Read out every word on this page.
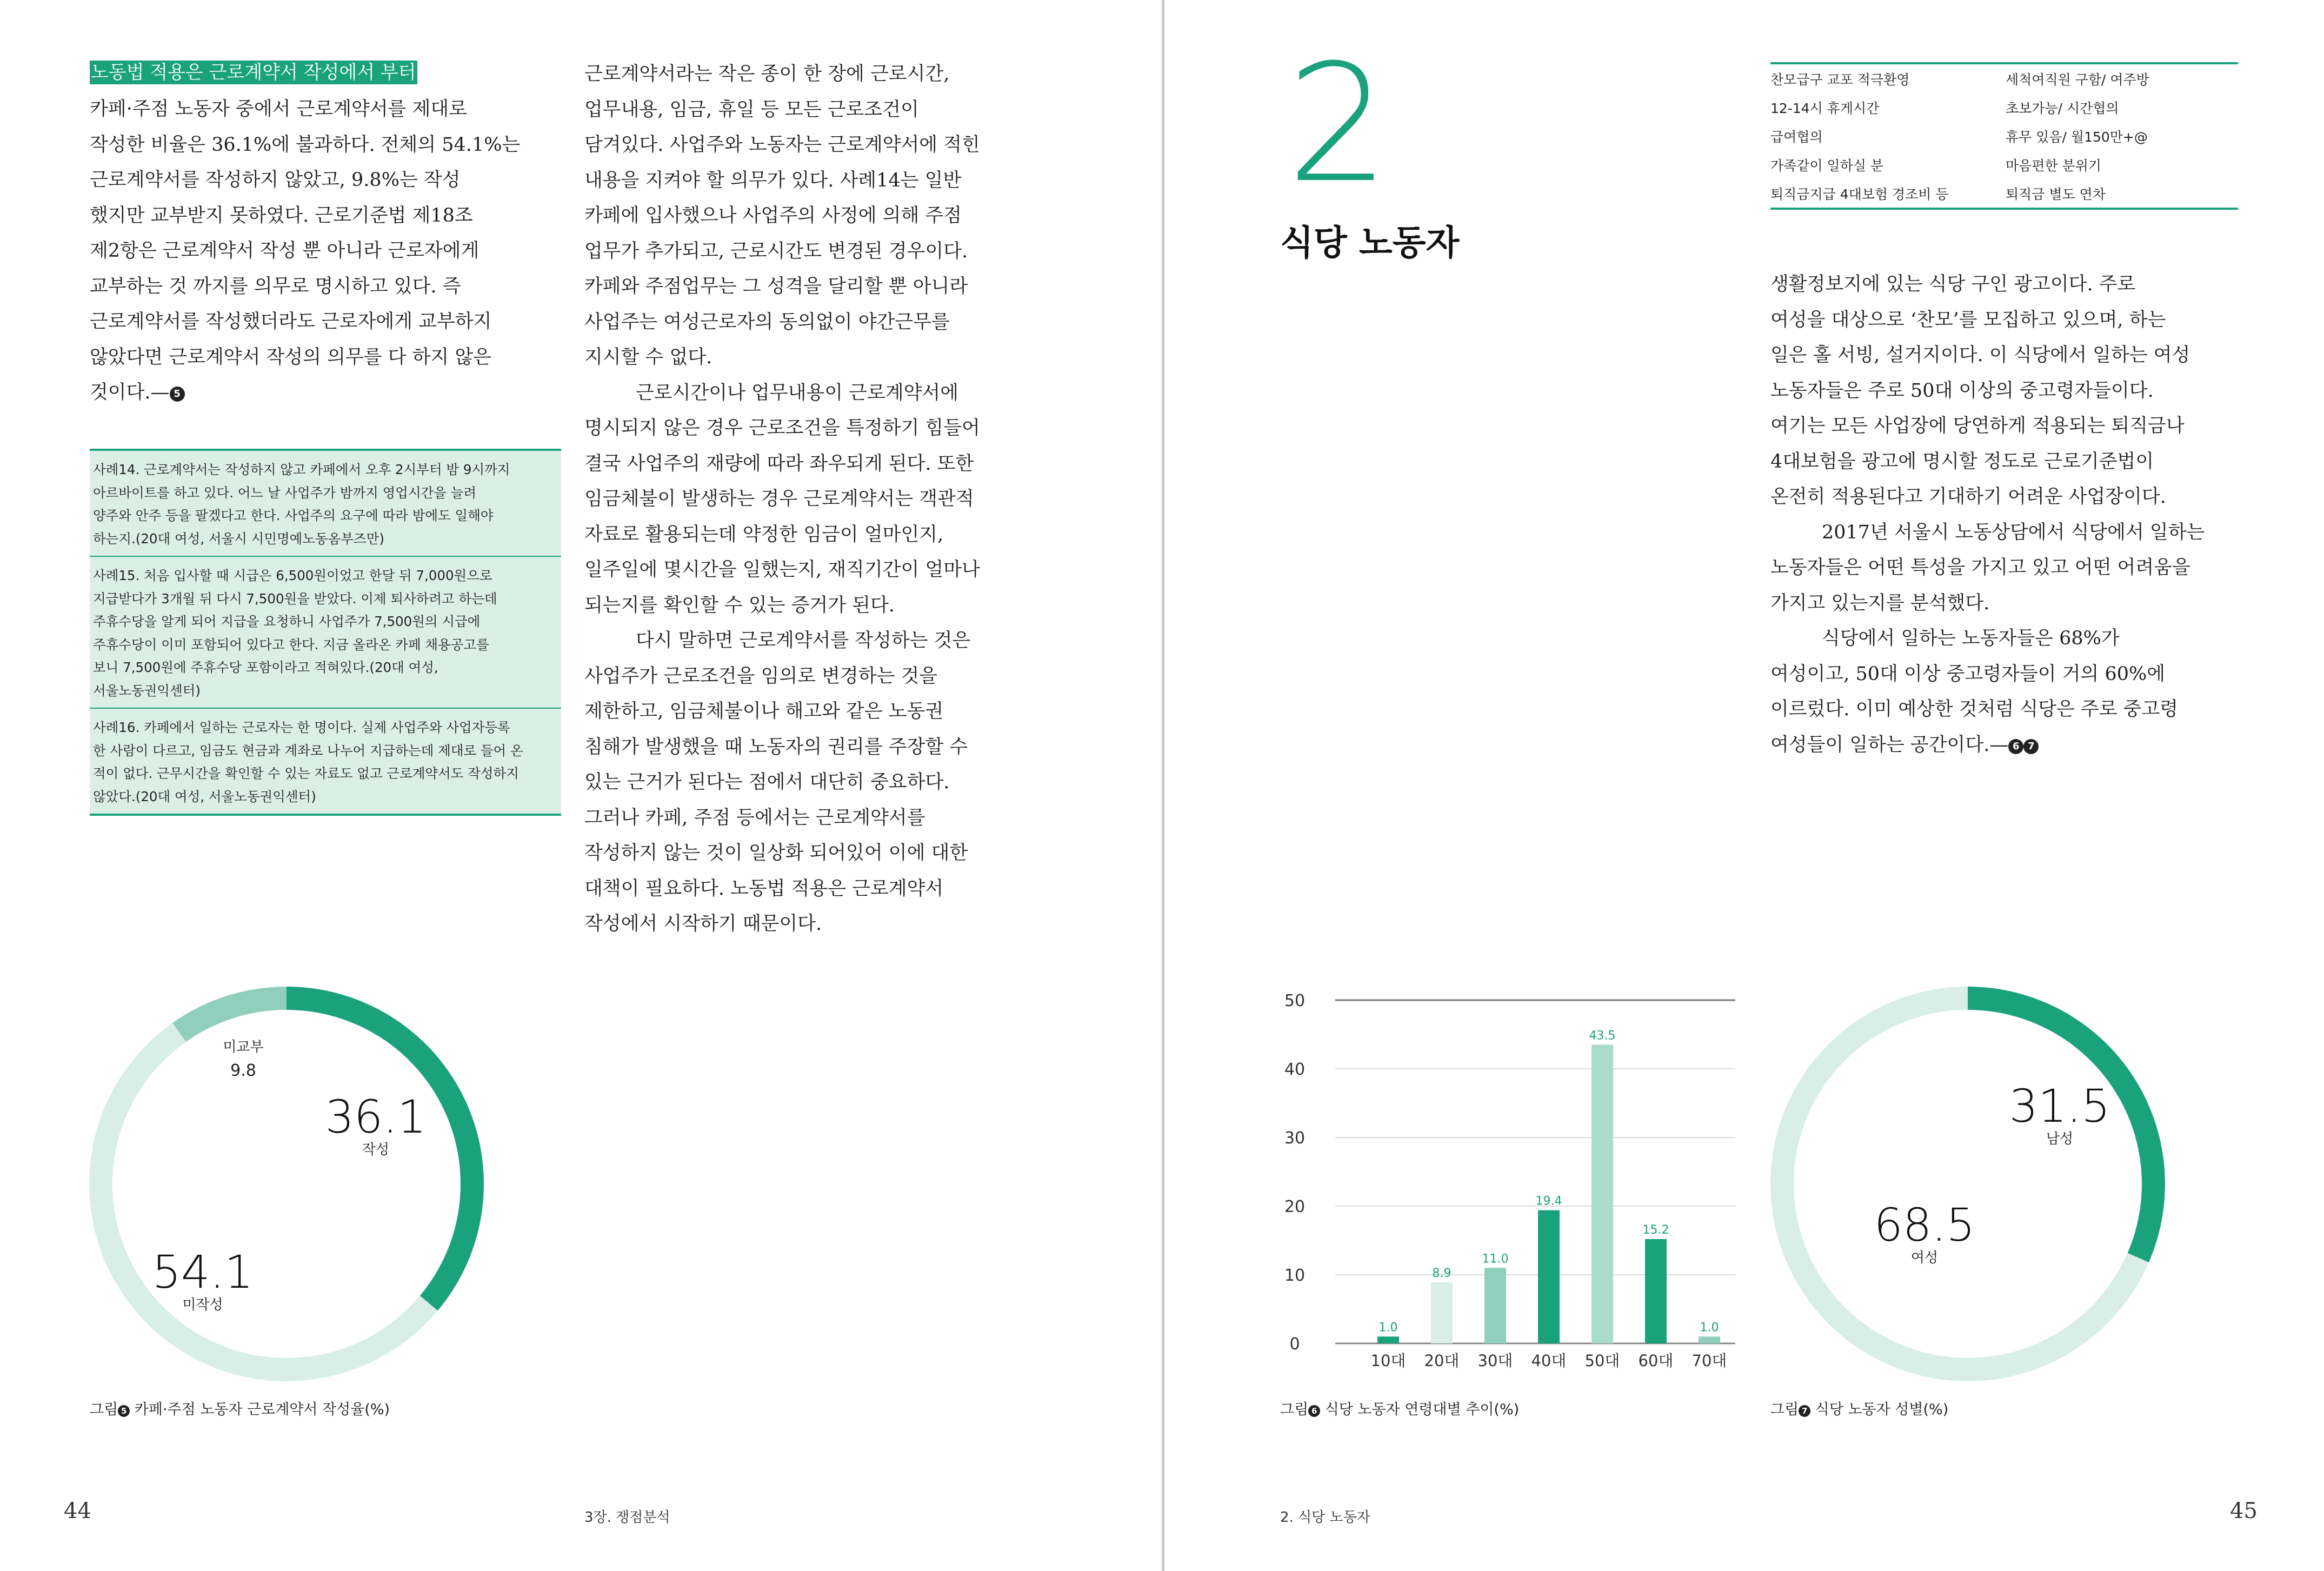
노동법 적용은 근로계약서 작성에서 부터

카페·주점 노동자 중에서 근로계약서를 제대로

작성한 비율은 36.1%에 불과하다. 전체의 54.1%는

근로계약서를 작성하지 않았고, 9.8%는 작성

했지만 교부받지 못하였다. 근로기준법 제18조

제2항은 근로계약서 작성 뿐 아니라 근로자에게

교부하는 것 까지를 의무로 명시하고 있다. 즉

근로계약서를 작성했더라도 근로자에게 교부하지

않았다면 근로계약서 작성의 의무를 다 하지 않은

것이다.— 5

사례14. 근로계약서는 작성하지 않고 카페에서 오후 2시부터 밤 9시까지
아르바이트를 하고 있다. 어느 날 사업주가 밤까지 영업시간을 늘려
양주와 안주 등을 팔겠다고 한다. 사업주의 요구에 따라 밤에도 일해야
하는지.(20대 여성, 서울시 시민명예노동옴부즈만)
사례15. 처음 입사할 때 시급은 6,500원이었고 한달 뒤 7,000원으로
지급받다가 3개월 뒤 다시 7,500원을 받았다. 이제 퇴사하려고 하는데
주휴수당을 알게 되어 지급을 요청하니 사업주가 7,500원의 시급에
주휴수당이 이미 포함되어 있다고 한다. 지금 올라온 카페 채용공고를
보니 7,500원에 주휴수당 포함이라고 적혀있다.(20대 여성,
서울노동권익센터)
사례16. 카페에서 일하는 근로자는 한 명이다. 실제 사업주와 사업자등록
한 사람이 다르고, 임금도 현금과 계좌로 나누어 지급하는데 제대로 들어 온
적이 없다. 근무시간을 확인할 수 있는 자료도 없고 근로계약서도 작성하지
않았다.(20대 여성, 서울노동권익센터)

근로계약서라는 작은 종이 한 장에 근로시간,

업무내용, 임금, 휴일 등 모든 근로조건이

담겨있다. 사업주와 노동자는 근로계약서에 적힌

내용을 지켜야 할 의무가 있다. 사례14는 일반

카페에 입사했으나 사업주의 사정에 의해 주점

업무가 추가되고, 근로시간도 변경된 경우이다.

카페와 주점업무는 그 성격을 달리할 뿐 아니라

사업주는 여성근로자의 동의없이 야간근무를

지시할 수 없다.

근로시간이나 업무내용이 근로계약서에

명시되지 않은 경우 근로조건을 특정하기 힘들어

결국 사업주의 재량에 따라 좌우되게 된다. 또한

임금체불이 발생하는 경우 근로계약서는 객관적

자료로 활용되는데 약정한 임금이 얼마인지,

일주일에 몇시간을 일했는지, 재직기간이 얼마나

되는지를 확인할 수 있는 증거가 된다.

다시 말하면 근로계약서를 작성하는 것은

사업주가 근로조건을 임의로 변경하는 것을

제한하고, 임금체불이나 해고와 같은 노동권

침해가 발생했을 때 노동자의 권리를 주장할 수

있는 근거가 된다는 점에서 대단히 중요하다.

그러나 카페, 주점 등에서는 근로계약서를

작성하지 않는 것이 일상화 되어있어 이에 대한

대책이 필요하다. 노동법 적용은 근로계약서

작성에서 시작하기 때문이다.

미교부
9.8
36.1
작성
54.1
미작성
그림 5 카페·주점 노동자 근로계약서 작성율(%)
44	3장. 쟁점분석
2
식당 노동자
찬모급구 교포 적극환영	세척여직원 구함/ 여주방
12-14시 휴게시간	초보가능/ 시간협의
급여협의	휴무 있음/ 월150만+@
가족같이 일하실 분	마음편한 분위기
퇴직금지급 4대보험 경조비 등	퇴직금 별도 연차

생활정보지에 있는 식당 구인 광고이다. 주로

여성을 대상으로 ‘찬모’를 모집하고 있으며, 하는

일은 홀 서빙, 설거지이다. 이 식당에서 일하는 여성

노동자들은 주로 50대 이상의 중고령자들이다.

여기는 모든 사업장에 당연하게 적용되는 퇴직금나

4대보험을 광고에 명시할 정도로 근로기준법이

온전히 적용된다고 기대하기 어려운 사업장이다.

2017년 서울시 노동상담에서 식당에서 일하는

노동자들은 어떤 특성을 가지고 있고 어떤 어려움을

가지고 있는지를 분석했다.

식당에서 일하는 노동자들은 68%가

여성이고, 50대 이상 중고령자들이 거의 60%에

이르렀다. 이미 예상한 것처럼 식당은 주로 중고령

여성들이 일하는 공간이다.— 6 7

0
10
20
30
40
50
1.0
10대
8.9
20대
11.0
30대
19.4
40대
43.5
50대
15.2
60대
1.0
70대
그림 6 식당 노동자 연령대별 추이(%)
31.5
남성
68.5
여성
그림 7 식당 노동자 성별(%)
2. 식당 노동자	45
